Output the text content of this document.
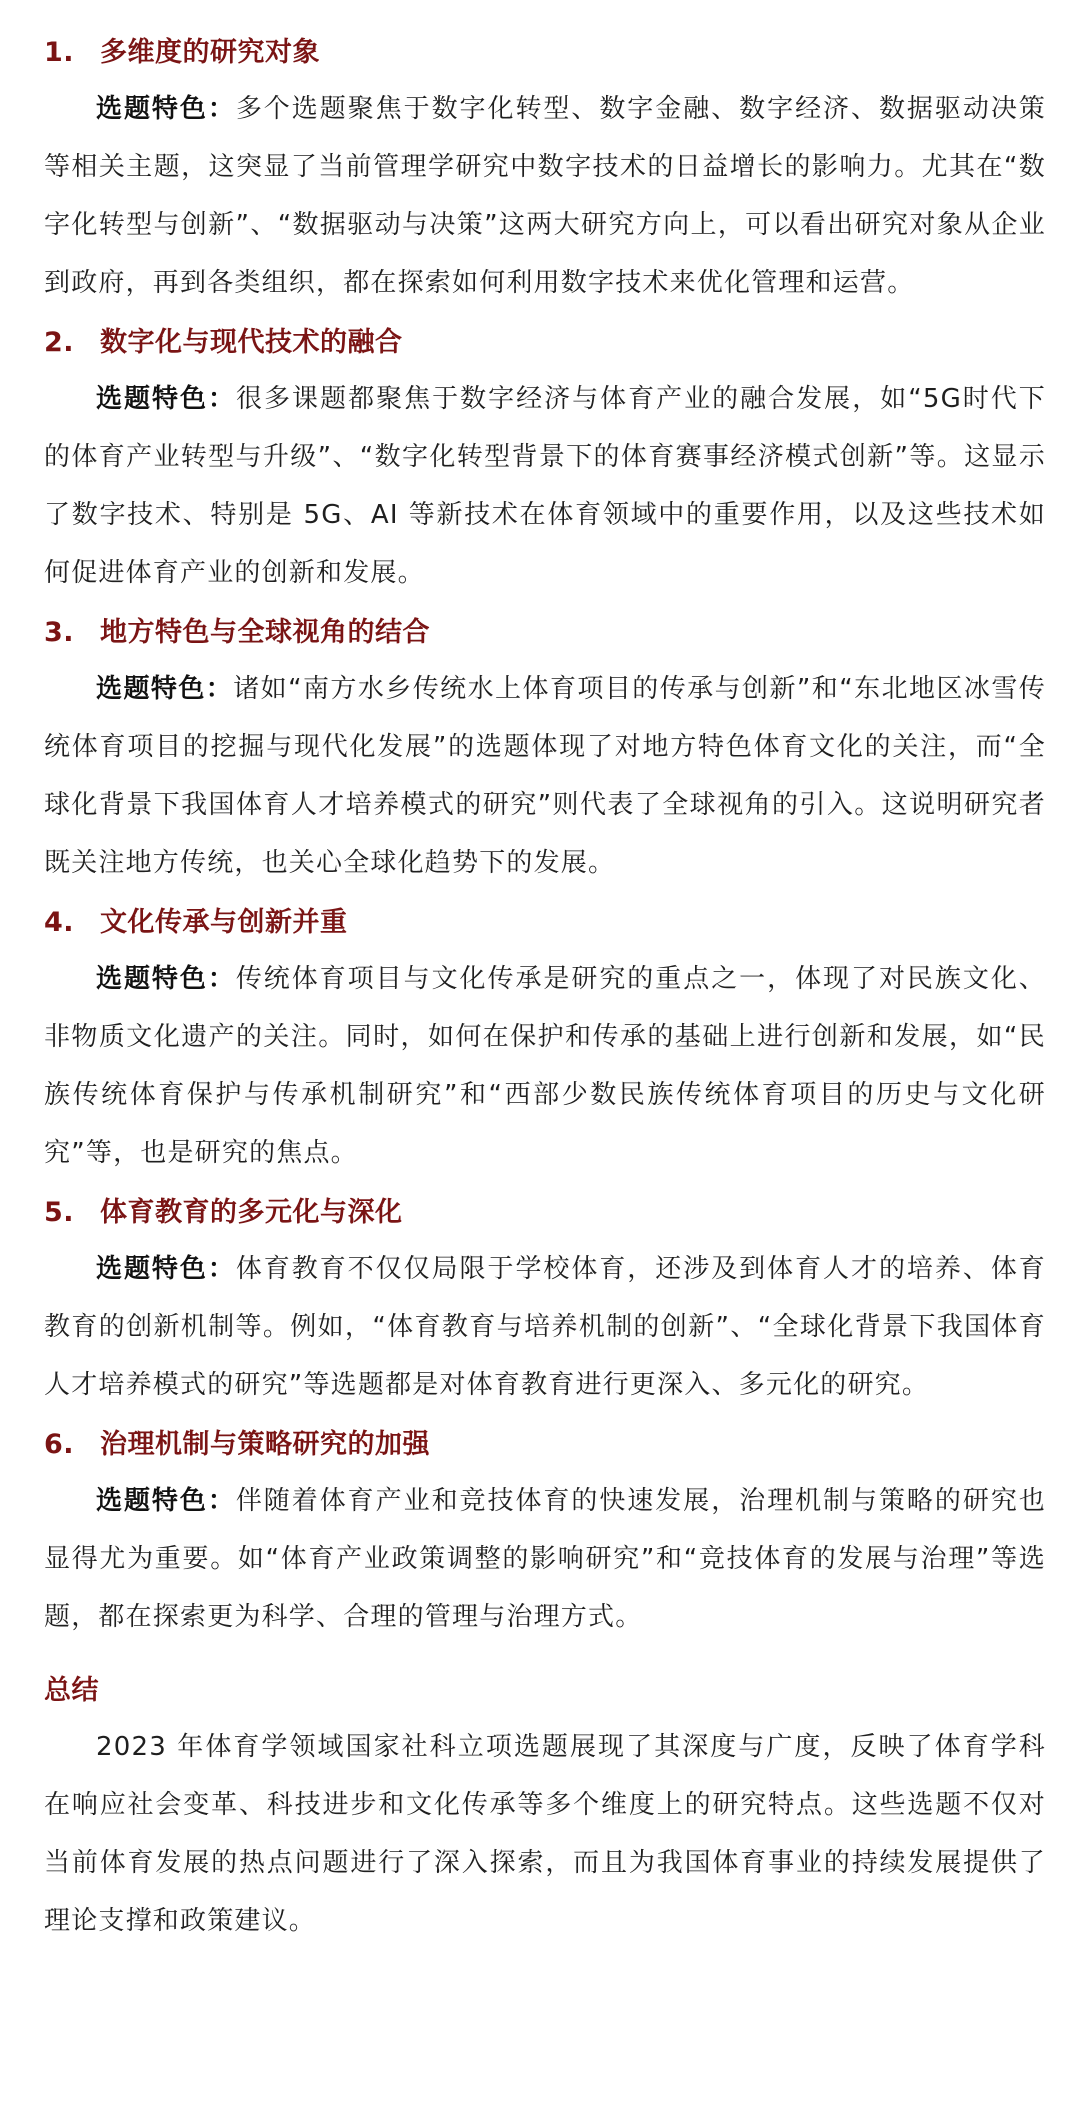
1. 多维度的研究对象

选题特色：多个选题聚焦于数字化转型、数字金融、数字经济、数据驱动决策等相关主题，这突显了当前管理学研究中数字技术的日益增长的影响力。尤其在“数字化转型与创新”、“数据驱动与决策”这两大研究方向上，可以看出研究对象从企业到政府，再到各类组织，都在探索如何利用数字技术来优化管理和运营。

2. 数字化与现代技术的融合

选题特色：很多课题都聚焦于数字经济与体育产业的融合发展，如“5G时代下的体育产业转型与升级”、“数字化转型背景下的体育赛事经济模式创新”等。这显示了数字技术、特别是 5G、AI 等新技术在体育领域中的重要作用，以及这些技术如何促进体育产业的创新和发展。

3. 地方特色与全球视角的结合

选题特色：诸如“南方水乡传统水上体育项目的传承与创新”和“东北地区冰雪传统体育项目的挖掘与现代化发展”的选题体现了对地方特色体育文化的关注，而“全球化背景下我国体育人才培养模式的研究”则代表了全球视角的引入。这说明研究者既关注地方传统，也关心全球化趋势下的发展。

4. 文化传承与创新并重

选题特色：传统体育项目与文化传承是研究的重点之一，体现了对民族文化、非物质文化遗产的关注。同时，如何在保护和传承的基础上进行创新和发展，如“民族传统体育保护与传承机制研究”和“西部少数民族传统体育项目的历史与文化研究”等，也是研究的焦点。

5. 体育教育的多元化与深化

选题特色：体育教育不仅仅局限于学校体育，还涉及到体育人才的培养、体育教育的创新机制等。例如，“体育教育与培养机制的创新”、“全球化背景下我国体育人才培养模式的研究”等选题都是对体育教育进行更深入、多元化的研究。

6. 治理机制与策略研究的加强

选题特色：伴随着体育产业和竞技体育的快速发展，治理机制与策略的研究也显得尤为重要。如“体育产业政策调整的影响研究”和“竞技体育的发展与治理”等选题，都在探索更为科学、合理的管理与治理方式。

总结

2023 年体育学领域国家社科立项选题展现了其深度与广度，反映了体育学科在响应社会变革、科技进步和文化传承等多个维度上的研究特点。这些选题不仅对当前体育发展的热点问题进行了深入探索，而且为我国体育事业的持续发展提供了理论支撑和政策建议。
